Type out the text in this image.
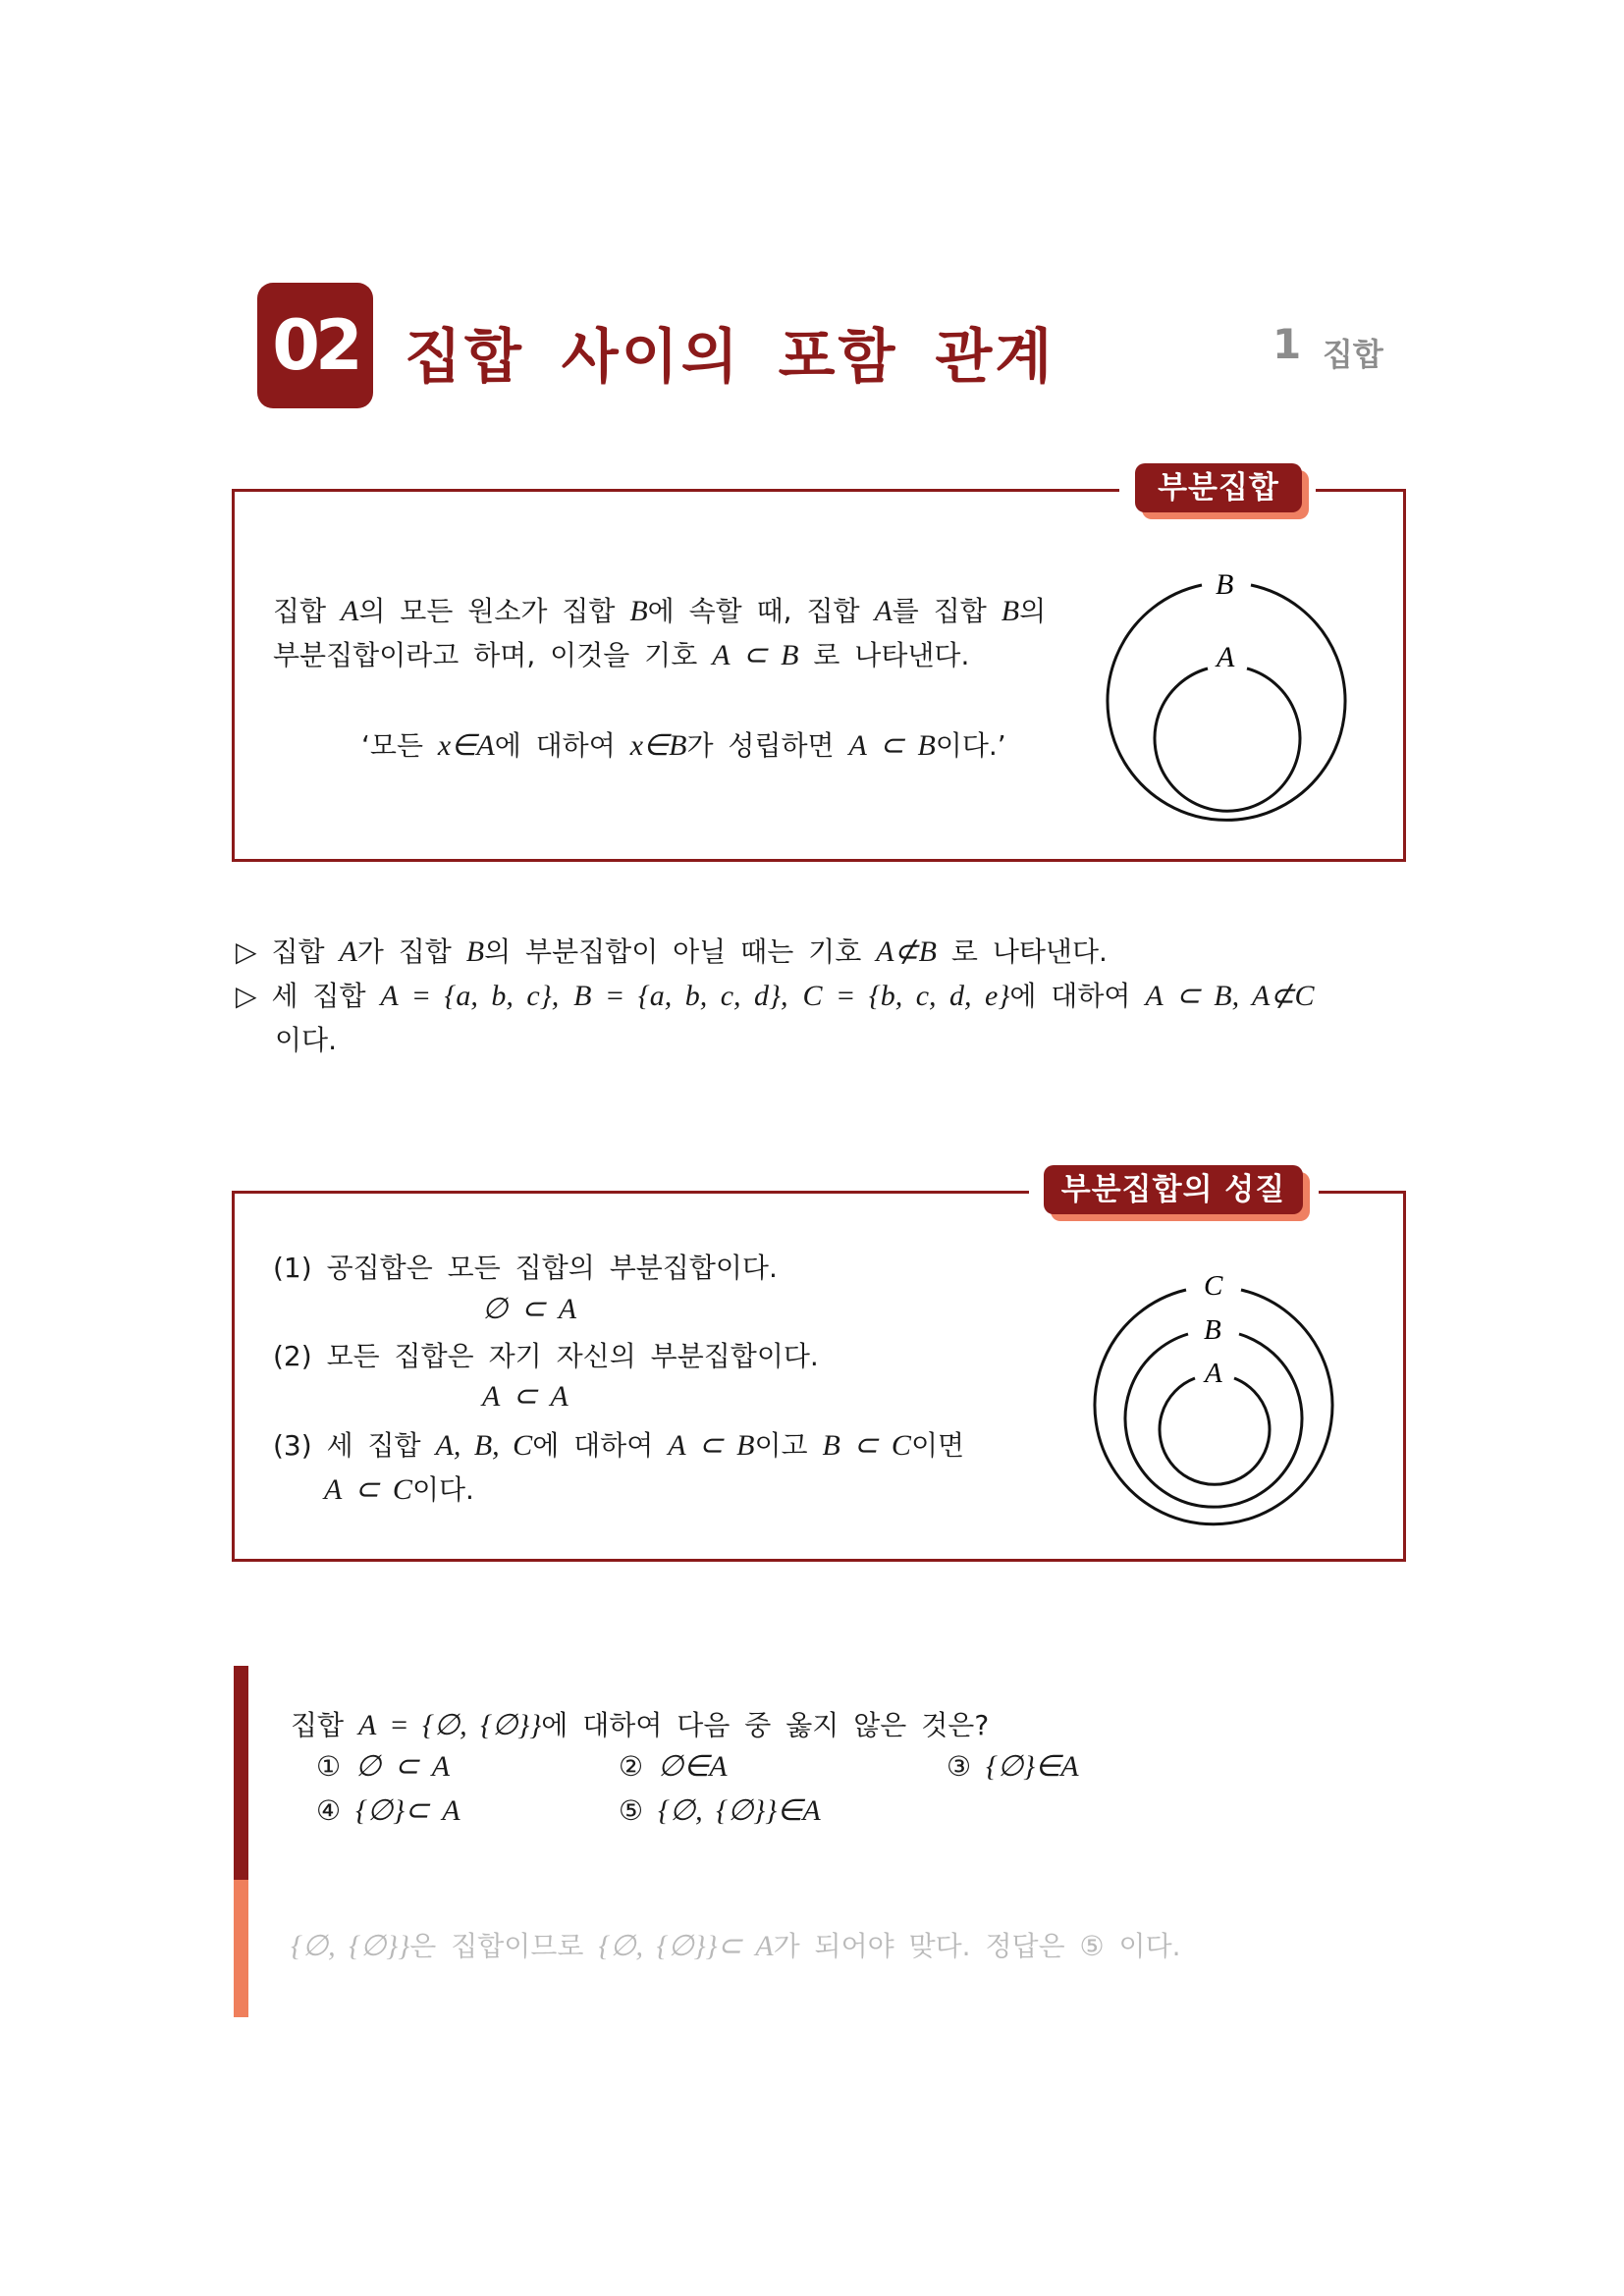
02 집합 사이의 포함 관계	1 집합
부분집합
집합 A의 모든 원소가 집합 B에 속할 때, 집합 A를 집합 B의
부분집합이라고 하며, 이것을 기호 A ⊂ B 로 나타낸다.
‘모든 x∈A에 대하여 x∈B가 성립하면 A ⊂ B이다.’
B
A
▷ 집합 A가 집합 B의 부분집합이 아닐 때는 기호 A⊄B 로 나타낸다.
▷ 세 집합 A = {a, b, c}, B = {a, b, c, d}, C = {b, c, d, e}에 대하여 A ⊂ B, A⊄C
이다.
부분집합의 성질
(1) 공집합은 모든 집합의 부분집합이다.
∅ ⊂ A
(2) 모든 집합은 자기 자신의 부분집합이다.
A ⊂ A
(3) 세 집합 A, B, C에 대하여 A ⊂ B이고 B ⊂ C이면
A ⊂ C이다.
C
B
A
집합 A = {∅, {∅}}에 대하여 다음 중 옳지 않은 것은?
① ∅ ⊂ A	② ∅∈A	③ {∅}∈A
④ {∅}⊂ A	⑤ {∅, {∅}}∈A
{∅, {∅}}은 집합이므로 {∅, {∅}}⊂ A가 되어야 맞다. 정답은 ⑤ 이다.
